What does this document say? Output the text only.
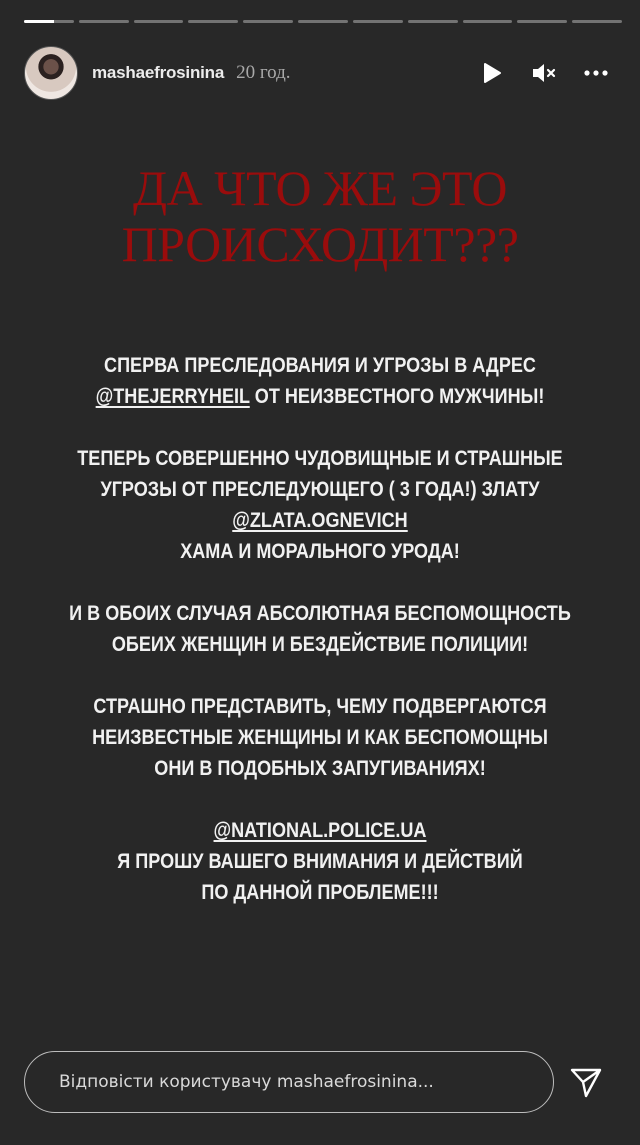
mashaefrosinina 20 год.
ДА ЧТО ЖЕ ЭТО
ПРОИСХОДИТ???
СПЕРВА ПРЕСЛЕДОВАНИЯ И УГРОЗЫ В АДРЕС
@THEJERRYHEIL ОТ НЕИЗВЕСТНОГО МУЖЧИНЫ!
ТЕПЕРЬ СОВЕРШЕННО ЧУДОВИЩНЫЕ И СТРАШНЫЕ
УГРОЗЫ ОТ ПРЕСЛЕДУЮЩЕГО ( 3 ГОДА!) ЗЛАТУ
@ZLATA.OGNEVICH
ХАМА И МОРАЛЬНОГО УРОДА!
И В ОБОИХ СЛУЧАЯ АБСОЛЮТНАЯ БЕСПОМОЩНОСТЬ
ОБЕИХ ЖЕНЩИН И БЕЗДЕЙСТВИЕ ПОЛИЦИИ!
СТРАШНО ПРЕДСТАВИТЬ, ЧЕМУ ПОДВЕРГАЮТСЯ
НЕИЗВЕСТНЫЕ ЖЕНЩИНЫ И КАК БЕСПОМОЩНЫ
ОНИ В ПОДОБНЫХ ЗАПУГИВАНИЯХ!
@NATIONAL.POLICE.UA
Я ПРОШУ ВАШЕГО ВНИМАНИЯ И ДЕЙСТВИЙ
ПО ДАННОЙ ПРОБЛЕМЕ!!!
Відповісти користувачу mashaefrosinina...
